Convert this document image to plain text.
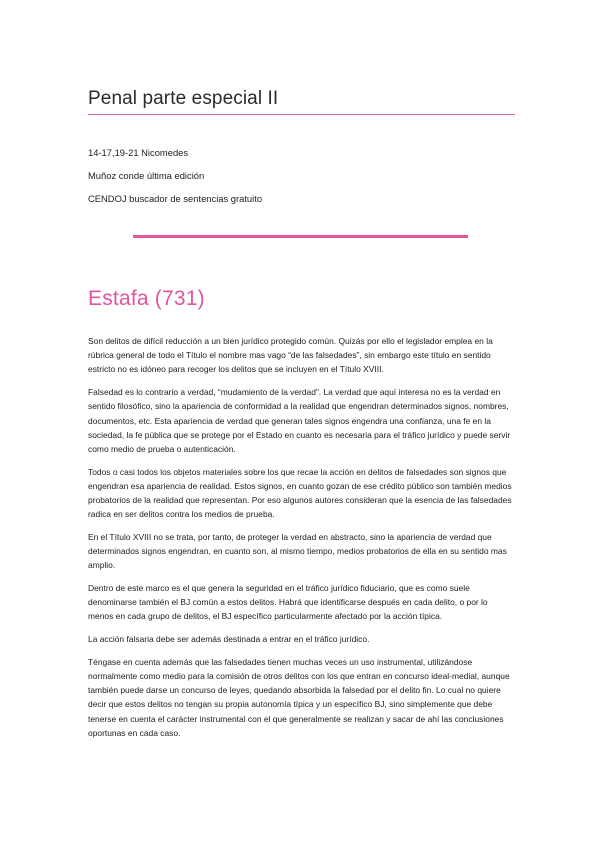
Penal parte especial II
14-17,19-21 Nicomedes
Muñoz conde última edición
CENDOJ buscador de sentencias gratuito
Estafa (731)

Son delitos de difícil reducción a un bien jurídico protegido común. Quizás por ello el legislador emplea en la rúbrica general de todo el Título el nombre mas vago “de las falsedades”, sin embargo este título en sentido estricto no es idóneo para recoger los delitos que se incluyen en el Título XVIII.

Falsedad es lo contrario a verdad, “mudamiento de la verdad”. La verdad que aquí interesa no es la verdad en sentido filosófico, sino la apariencia de conformidad a la realidad que engendran determinados signos, nombres, documentos, etc. Esta apariencia de verdad que generan tales signos engendra una confianza, una fe en la sociedad, la fe pública que se protege por el Estado en cuanto es necesaria para el tráfico jurídico y puede servir como medio de prueba o autenticación.

Todos o casi todos los objetos materiales sobre los que recae la acción en delitos de falsedades son signos que engendran esa apariencia de realidad. Estos signos, en cuanto gozan de ese crédito público son también medios probatorios de la realidad que representan. Por eso algunos autores consideran que la esencia de las falsedades radica en ser delitos contra los medios de prueba.

En el Título XVIII no se trata, por tanto, de proteger la verdad en abstracto, sino la apariencia de verdad que determinados signos engendran, en cuanto son, al mismo tiempo, medios probatorios de ella en su sentido mas amplio.

Dentro de este marco es el que genera la seguridad en el tráfico jurídico fiduciario, que es como suele denominarse también el BJ común a estos delitos. Habrá que identificarse después en cada delito, o por lo menos en cada grupo de delitos, el BJ específico particularmente afectado por la acción típica.

La acción falsaria debe ser además destinada a entrar en el tráfico jurídico.

Téngase en cuenta además que las falsedades tienen muchas veces un uso instrumental, utilizándose normalmente como medio para la comisión de otros delitos con los que entran en concurso ideal-medial, aunque también puede darse un concurso de leyes, quedando absorbida la falsedad por el delito fin. Lo cual no quiere decir que estos delitos no tengan su propia autonomía típica y un específico BJ, sino simplemente que debe tenerse en cuenta el carácter instrumental con el que generalmente se realizan y sacar de ahí las conclusiones oportunas en cada caso.
